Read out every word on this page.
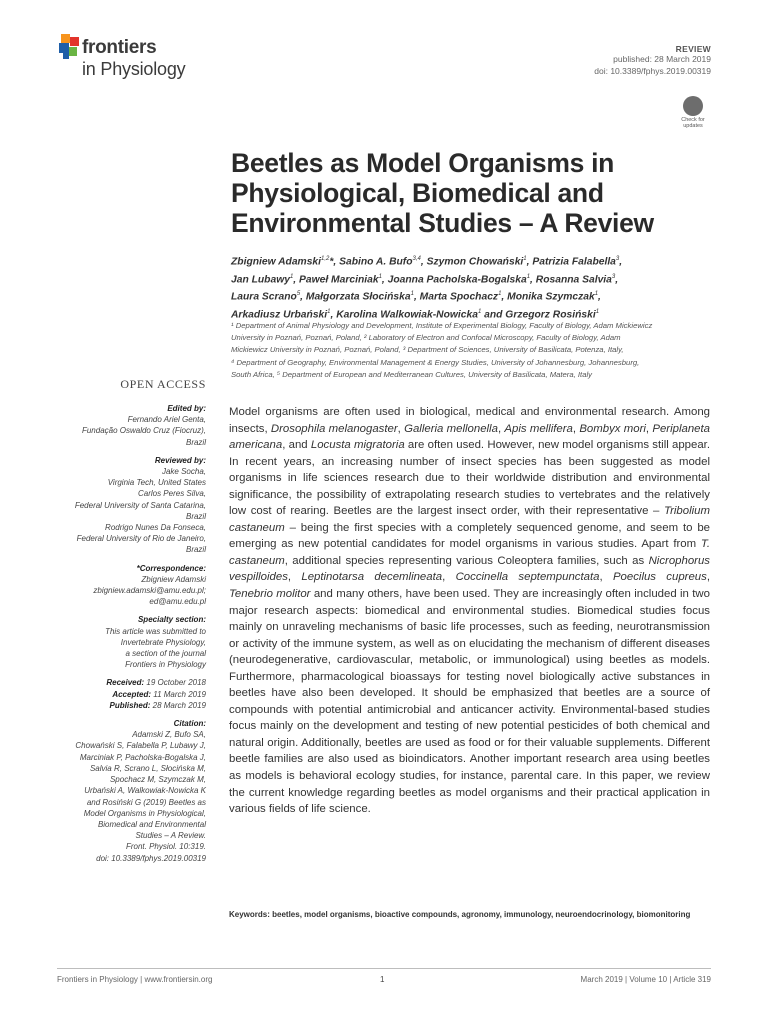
frontiers
in Physiology
REVIEW
published: 28 March 2019
doi: 10.3389/fphys.2019.00319
Check for updates
Beetles as Model Organisms in Physiological, Biomedical and Environmental Studies – A Review
Zbigniew Adamski$^{1,2}$*, Sabino A. Bufo$^{3,4}$, Szymon Chowański$^1$, Patrizia Falabella$^3$,
Jan Lubawy$^1$, Paweł Marciniak$^1$, Joanna Pacholska-Bogalska$^1$, Rosanna Salvia$^3$,
Laura Scrano$^5$, Małgorzata Słocińska$^1$, Marta Spochacz$^1$, Monika Szymczak$^1$,
Arkadiusz Urbański$^1$, Karolina Walkowiak-Nowicka$^1$ and Grzegorz Rosiński$^1$
¹ Department of Animal Physiology and Development, Institute of Experimental Biology, Faculty of Biology, Adam Mickiewicz
University in Poznań, Poznań, Poland, ² Laboratory of Electron and Confocal Microscopy, Faculty of Biology, Adam
Mickiewicz University in Poznań, Poznań, Poland, ³ Department of Sciences, University of Basilicata, Potenza, Italy,
⁴ Department of Geography, Environmental Management & Energy Studies, University of Johannesburg, Johannesburg,
South Africa, ⁵ Department of European and Mediterranean Cultures, University of Basilicata, Matera, Italy
OPEN ACCESS
Edited by:
Fernando Ariel Genta,
Fundação Oswaldo Cruz (Fiocruz),
Brazil
Reviewed by:
Jake Socha,
Virginia Tech, United States
Carlos Peres Silva,
Federal University of Santa Catarina,
Brazil
Rodrigo Nunes Da Fonseca,
Federal University of Rio de Janeiro,
Brazil
*Correspondence:
Zbigniew Adamski
zbigniew.adamski@amu.edu.pl;
ed@amu.edu.pl
Specialty section:
This article was submitted to
Invertebrate Physiology,
a section of the journal
Frontiers in Physiology
Received: 19 October 2018
Accepted: 11 March 2019
Published: 28 March 2019
Citation:
Adamski Z, Bufo SA,
Chowański S, Falabella P, Lubawy J,
Marciniak P, Pacholska-Bogalska J,
Salvia R, Scrano L, Słocińska M,
Spochacz M, Szymczak M,
Urbański A, Walkowiak-Nowicka K
and Rosiński G (2019) Beetles as
Model Organisms in Physiological,
Biomedical and Environmental
Studies – A Review.
Front. Physiol. 10:319.
doi: 10.3389/fphys.2019.00319
Model organisms are often used in biological, medical and environmental research. Among insects, Drosophila melanogaster, Galleria mellonella, Apis mellifera, Bombyx mori, Periplaneta americana, and Locusta migratoria are often used. However, new model organisms still appear. In recent years, an increasing number of insect species has been suggested as model organisms in life sciences research due to their worldwide distribution and environmental significance, the possibility of extrapolating research studies to vertebrates and the relatively low cost of rearing. Beetles are the largest insect order, with their representative – Tribolium castaneum – being the first species with a completely sequenced genome, and seem to be emerging as new potential candidates for model organisms in various studies. Apart from T. castaneum, additional species representing various Coleoptera families, such as Nicrophorus vespilloides, Leptinotarsa decemlineata, Coccinella septempunctata, Poecilus cupreus, Tenebrio molitor and many others, have been used. They are increasingly often included in two major research aspects: biomedical and environmental studies. Biomedical studies focus mainly on unraveling mechanisms of basic life processes, such as feeding, neurotransmission or activity of the immune system, as well as on elucidating the mechanism of different diseases (neurodegenerative, cardiovascular, metabolic, or immunological) using beetles as models. Furthermore, pharmacological bioassays for testing novel biologically active substances in beetles have also been developed. It should be emphasized that beetles are a source of compounds with potential antimicrobial and anticancer activity. Environmental-based studies focus mainly on the development and testing of new potential pesticides of both chemical and natural origin. Additionally, beetles are used as food or for their valuable supplements. Different beetle families are also used as bioindicators. Another important research area using beetles as models is behavioral ecology studies, for instance, parental care. In this paper, we review the current knowledge regarding beetles as model organisms and their practical application in various fields of life science.
Keywords: beetles, model organisms, bioactive compounds, agronomy, immunology, neuroendocrinology, biomonitoring
Frontiers in Physiology | www.frontiersin.org	1	March 2019 | Volume 10 | Article 319
